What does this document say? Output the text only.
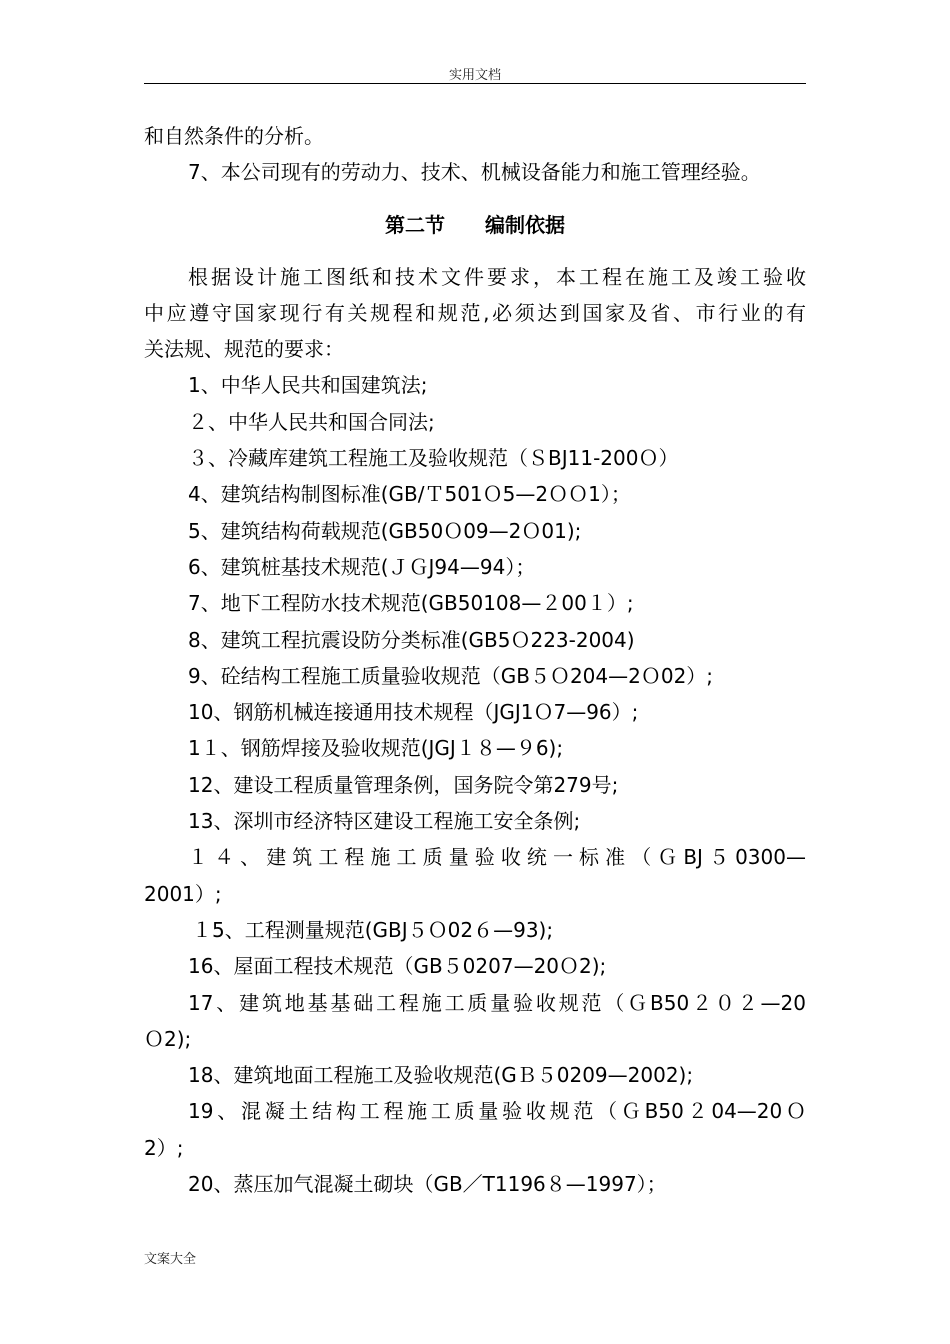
实用文档
和自然条件的分析。
7、本公司现有的劳动力、技术、机械设备能力和施工管理经验。
第二节　　编制依据
根据设计施工图纸和技术文件要求，本工程在施工及竣工验收
中应遵守国家现行有关规程和规范,必须达到国家及省、市行业的有
关法规、规范的要求：
1、中华人民共和国建筑法;
２、中华人民共和国合同法;
３、冷藏库建筑工程施工及验收规范（ＳBJ11-200Ｏ）
4、建筑结构制图标准(GB/Ｔ501Ｏ5—2ＯＯ1）；
5、建筑结构荷载规范(GB50Ｏ09—2Ｏ01);
6、建筑桩基技术规范(ＪＧJ94—94）；
7、地下工程防水技术规范(GB50108—２00１）;
8、建筑工程抗震设防分类标准(GB5Ｏ223-2004)
9、砼结构工程施工质量验收规范（GB５Ｏ204—2Ｏ02）;
10、钢筋机械连接通用技术规程（JGJ1Ｏ7—96）;
1１、钢筋焊接及验收规范(JGJ１８—９6);
12、建设工程质量管理条例，国务院令第279号;
13、深圳市经济特区建设工程施工安全条例;
１４、建筑工程施工质量验收统一标准（ＧBJ５0300—
2001）;
１5、工程测量规范(GBJ５Ｏ02６—93);
16、屋面工程技术规范（GB５0207—20Ｏ2);
17、建筑地基基础工程施工质量验收规范（ＧB50２０２—20
Ｏ2);
18、建筑地面工程施工及验收规范(GＢ５0209—2002);
19、混凝土结构工程施工质量验收规范（ＧB50２04—20Ｏ
2）;
20、蒸压加气混凝土砌块（GB／T1196８—1997）；
文案大全
